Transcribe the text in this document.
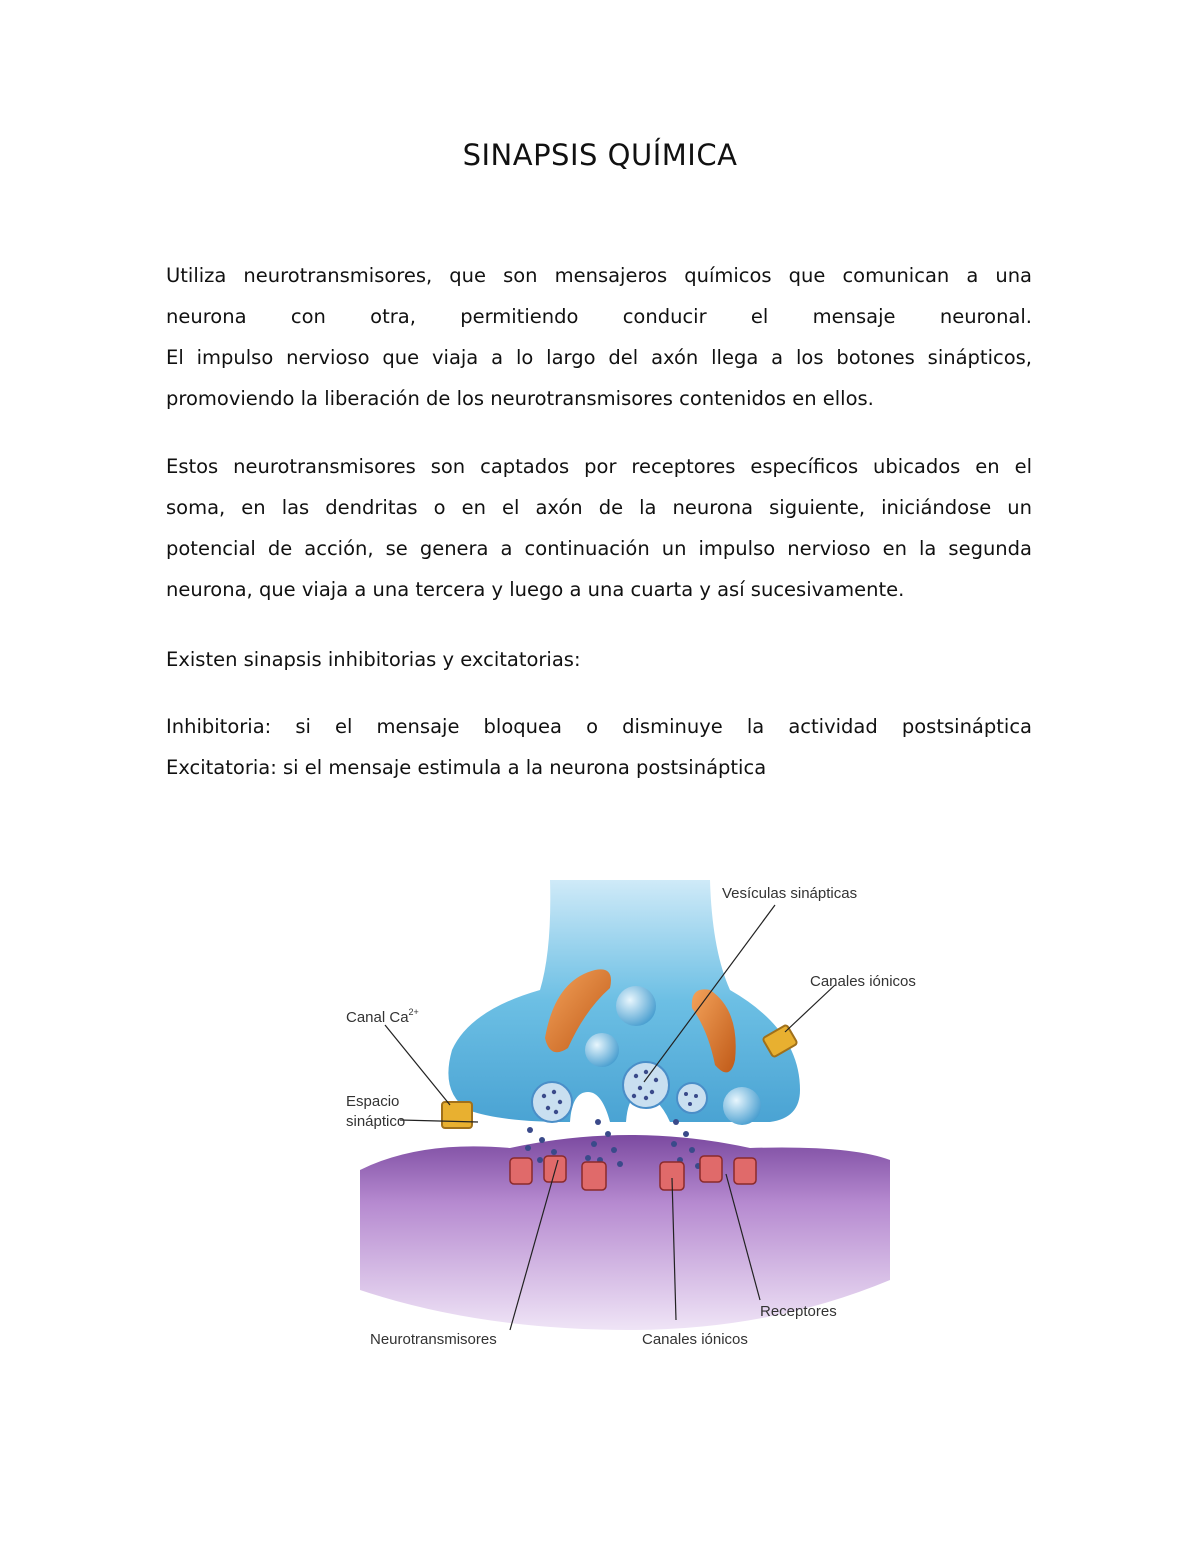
SINAPSIS QUÍMICA
Utiliza neurotransmisores, que son mensajeros químicos que comunican a una
neurona con otra, permitiendo conducir el mensaje neuronal.
El impulso nervioso que viaja a lo largo del axón llega a los botones sinápticos,
promoviendo la liberación de los neurotransmisores contenidos en ellos.
Estos neurotransmisores son captados por receptores específicos ubicados en el
soma, en las dendritas o en el axón de la neurona siguiente, iniciándose un
potencial de acción, se genera a continuación un impulso nervioso en la segunda
neurona, que viaja a una tercera y luego a una cuarta y así sucesivamente.
Existen sinapsis inhibitorias y excitatorias:
Inhibitoria: si el mensaje bloquea o disminuye la actividad postsináptica
Excitatoria: si el mensaje estimula a la neurona postsináptica
Vesículas sinápticas
Canales iónicos
Canal $Ca^{2+}$
Espacio
sináptico
Receptores
Neurotransmisores	Canales iónicos
